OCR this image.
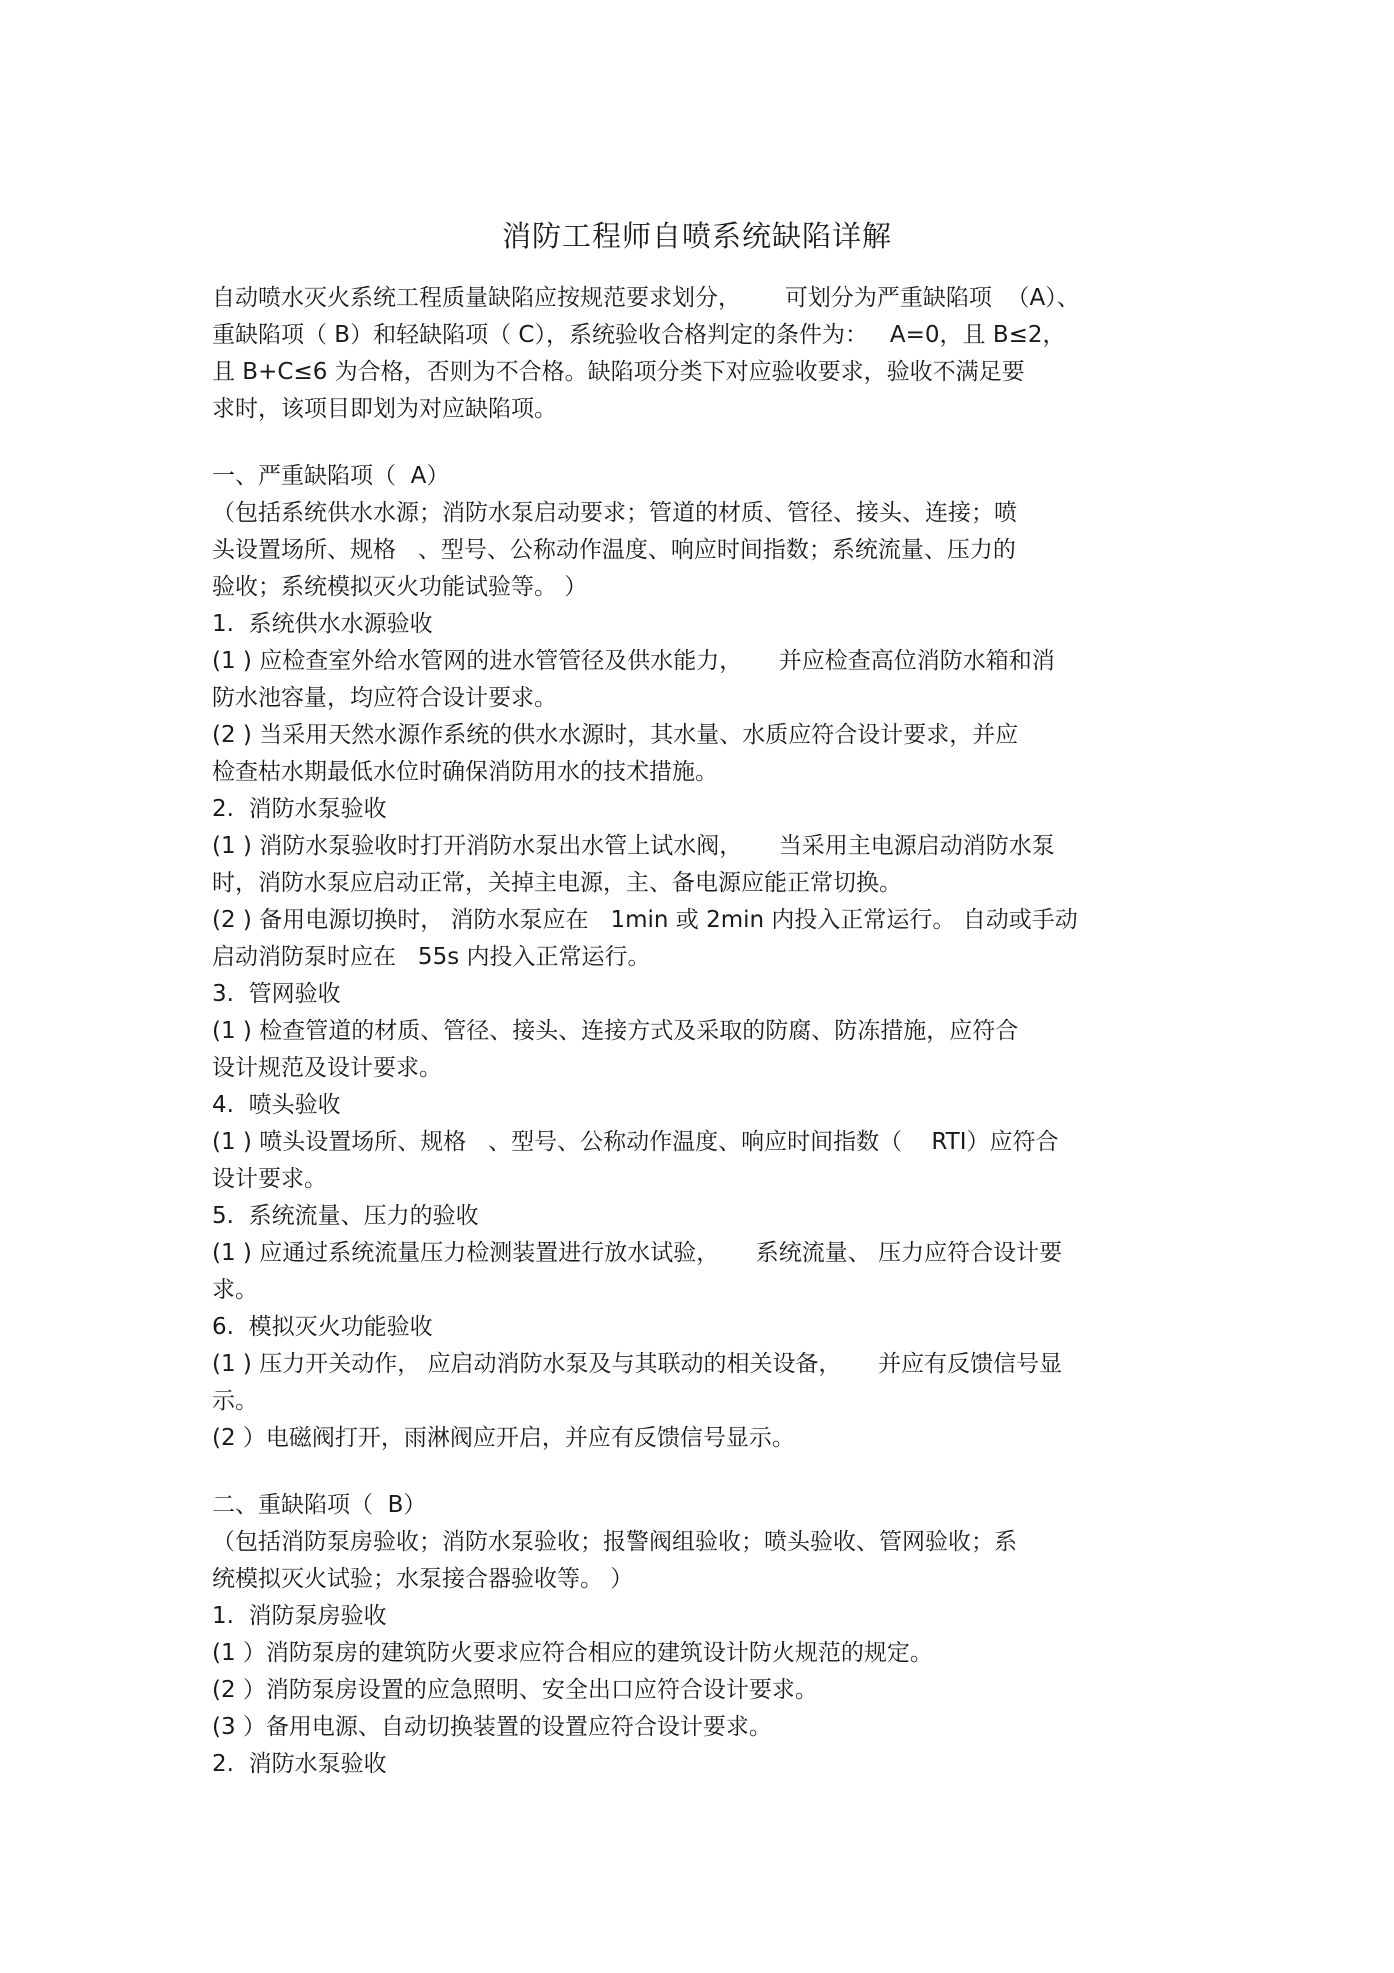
消防工程师自喷系统缺陷详解
自动喷水灭火系统工程质量缺陷应按规范要求划分，      可划分为严重缺陷项  （A）、
重缺陷项（ B）和轻缺陷项（ C），系统验收合格判定的条件为：   A=0，且 B≤2，
且 B+C≤6 为合格，否则为不合格。缺陷项分类下对应验收要求，验收不满足要
求时，该项目即划为对应缺陷项。
一、严重缺陷项（  A）
（包括系统供水水源；消防水泵启动要求；管道的材质、管径、接头、连接；喷
头设置场所、规格   、型号、公称动作温度、响应时间指数；系统流量、压力的
验收；系统模拟灭火功能试验等。 ）
1.  系统供水水源验收
(1 ) 应检查室外给水管网的进水管管径及供水能力，     并应检查高位消防水箱和消
防水池容量，均应符合设计要求。
(2 ) 当采用天然水源作系统的供水水源时，其水量、水质应符合设计要求，并应
检查枯水期最低水位时确保消防用水的技术措施。
2.  消防水泵验收
(1 ) 消防水泵验收时打开消防水泵出水管上试水阀，     当采用主电源启动消防水泵
时，消防水泵应启动正常，关掉主电源，主、备电源应能正常切换。
(2 ) 备用电源切换时， 消防水泵应在   1min 或 2min 内投入正常运行。 自动或手动
启动消防泵时应在   55s 内投入正常运行。
3.  管网验收
(1 ) 检查管道的材质、管径、接头、连接方式及采取的防腐、防冻措施，应符合
设计规范及设计要求。
4.  喷头验收
(1 ) 喷头设置场所、规格   、型号、公称动作温度、响应时间指数（    RTI）应符合
设计要求。
5.  系统流量、压力的验收
(1 ) 应通过系统流量压力检测装置进行放水试验，     系统流量、 压力应符合设计要
求。
6.  模拟灭火功能验收
(1 ) 压力开关动作， 应启动消防水泵及与其联动的相关设备，     并应有反馈信号显
示。
(2 ）电磁阀打开，雨淋阀应开启，并应有反馈信号显示。
二、重缺陷项（  B）
（包括消防泵房验收；消防水泵验收；报警阀组验收；喷头验收、管网验收；系
统模拟灭火试验；水泵接合器验收等。 ）
1.  消防泵房验收
(1 ）消防泵房的建筑防火要求应符合相应的建筑设计防火规范的规定。
(2 ）消防泵房设置的应急照明、安全出口应符合设计要求。
(3 ）备用电源、自动切换装置的设置应符合设计要求。
2.  消防水泵验收
